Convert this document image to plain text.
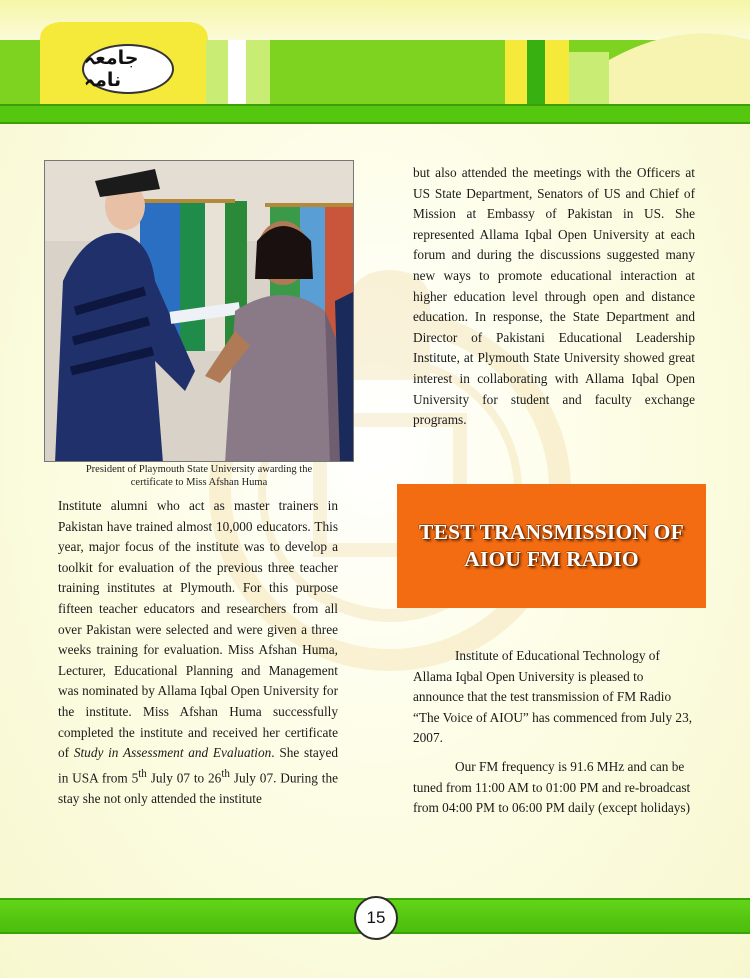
جامعہ نامہ
President of Playmouth State University awarding the
certificate to Miss Afshan Huma

Institute alumni who act as master trainers in Pakistan have trained almost 10,000 educators. This year, major focus of the institute was to develop a toolkit for evaluation of the previous three teacher training institutes at Plymouth. For this purpose fifteen teacher educators and researchers from all over Pakistan were selected and were given a three weeks training for evaluation. Miss Afshan Huma, Lecturer, Educational Planning and Management was nominated by Allama Iqbal Open University for the institute. Miss Afshan Huma successfully completed the institute and received her certificate of Study in Assessment and Evaluation. She stayed in USA from 5th July 07 to 26th July 07. During the stay she not only attended the institute

but also attended the meetings with the Officers at US State Department, Senators of US and Chief of Mission at Embassy of Pakistan in US. She represented Allama Iqbal Open University at each forum and during the discussions suggested many new ways to promote educational interaction at higher education level through open and distance education. In response, the State Department and Director of Pakistani Educational Leadership Institute, at Plymouth State University showed great interest in collaborating with Allama Iqbal Open University for student and faculty exchange programs.

TEST TRANSMISSION OF
AIOU FM RADIO

Institute of Educational Technology of Allama Iqbal Open University is pleased to announce that the test transmission of FM Radio “The Voice of AIOU” has commenced from July 23, 2007.

Our FM frequency is 91.6 MHz and can be tuned from 11:00 AM to 01:00 PM and re-broadcast from 04:00 PM to 06:00 PM daily (except holidays)

15
